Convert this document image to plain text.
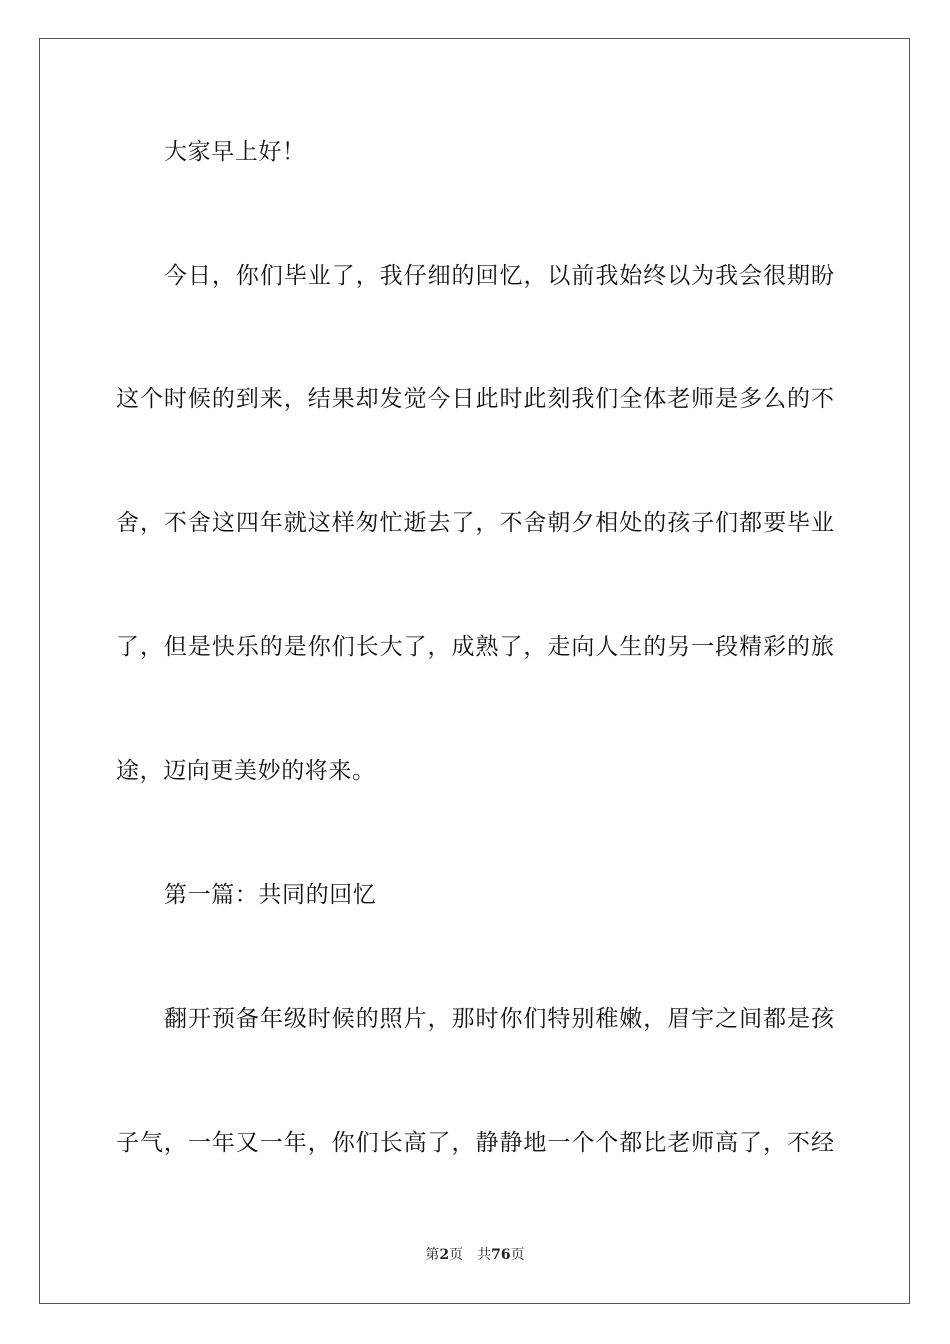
大家早上好！
今日，你们毕业了，我仔细的回忆，以前我始终以为我会很期盼
这个时候的到来，结果却发觉今日此时此刻我们全体老师是多么的不
舍，不舍这四年就这样匆忙逝去了，不舍朝夕相处的孩子们都要毕业
了，但是快乐的是你们长大了，成熟了，走向人生的另一段精彩的旅
途，迈向更美妙的将来。
第一篇：共同的回忆
翻开预备年级时候的照片，那时你们特别稚嫩，眉宇之间都是孩
子气，一年又一年，你们长高了，静静地一个个都比老师高了，不经
第2页 共76页
